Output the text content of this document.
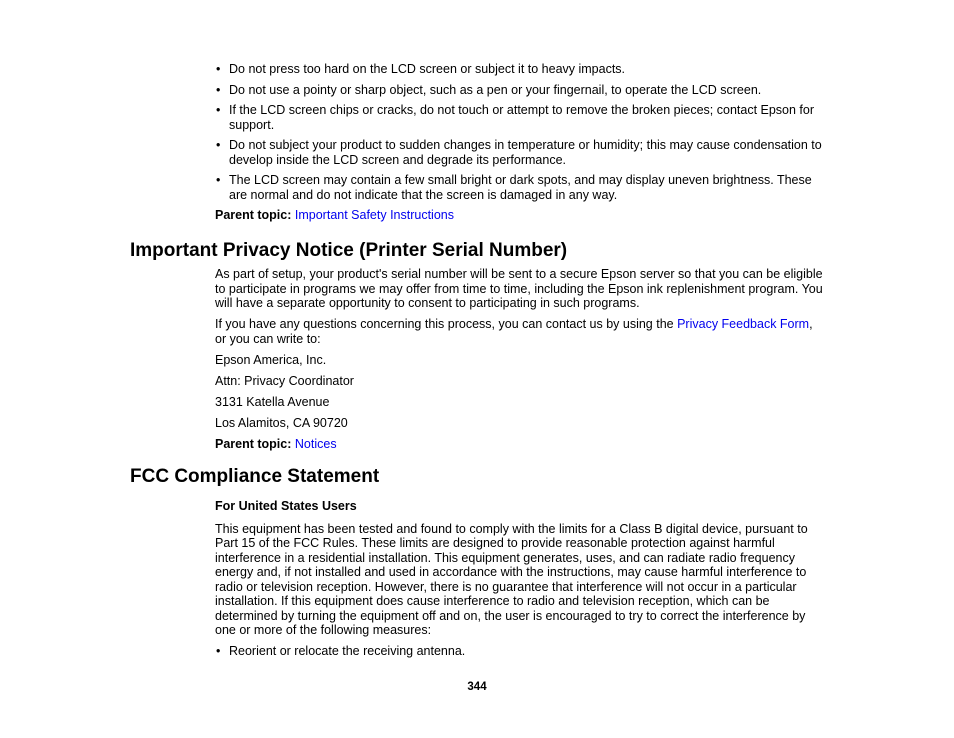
• Do not press too hard on the LCD screen or subject it to heavy impacts.
• Do not use a pointy or sharp object, such as a pen or your fingernail, to operate the LCD screen.
• If the LCD screen chips or cracks, do not touch or attempt to remove the broken pieces; contact Epson for support.
• Do not subject your product to sudden changes in temperature or humidity; this may cause condensation to develop inside the LCD screen and degrade its performance.
• The LCD screen may contain a few small bright or dark spots, and may display uneven brightness. These are normal and do not indicate that the screen is damaged in any way.

Parent topic: Important Safety Instructions

Important Privacy Notice (Printer Serial Number)

As part of setup, your product's serial number will be sent to a secure Epson server so that you can be eligible to participate in programs we may offer from time to time, including the Epson ink replenishment program. You will have a separate opportunity to consent to participating in such programs.

If you have any questions concerning this process, you can contact us by using the Privacy Feedback Form, or you can write to:

Epson America, Inc.

Attn: Privacy Coordinator

3131 Katella Avenue

Los Alamitos, CA 90720

Parent topic: Notices

FCC Compliance Statement

For United States Users

This equipment has been tested and found to comply with the limits for a Class B digital device, pursuant to Part 15 of the FCC Rules. These limits are designed to provide reasonable protection against harmful interference in a residential installation. This equipment generates, uses, and can radiate radio frequency energy and, if not installed and used in accordance with the instructions, may cause harmful interference to radio or television reception. However, there is no guarantee that interference will not occur in a particular installation. If this equipment does cause interference to radio and television reception, which can be determined by turning the equipment off and on, the user is encouraged to try to correct the interference by one or more of the following measures:

• Reorient or relocate the receiving antenna.
344
